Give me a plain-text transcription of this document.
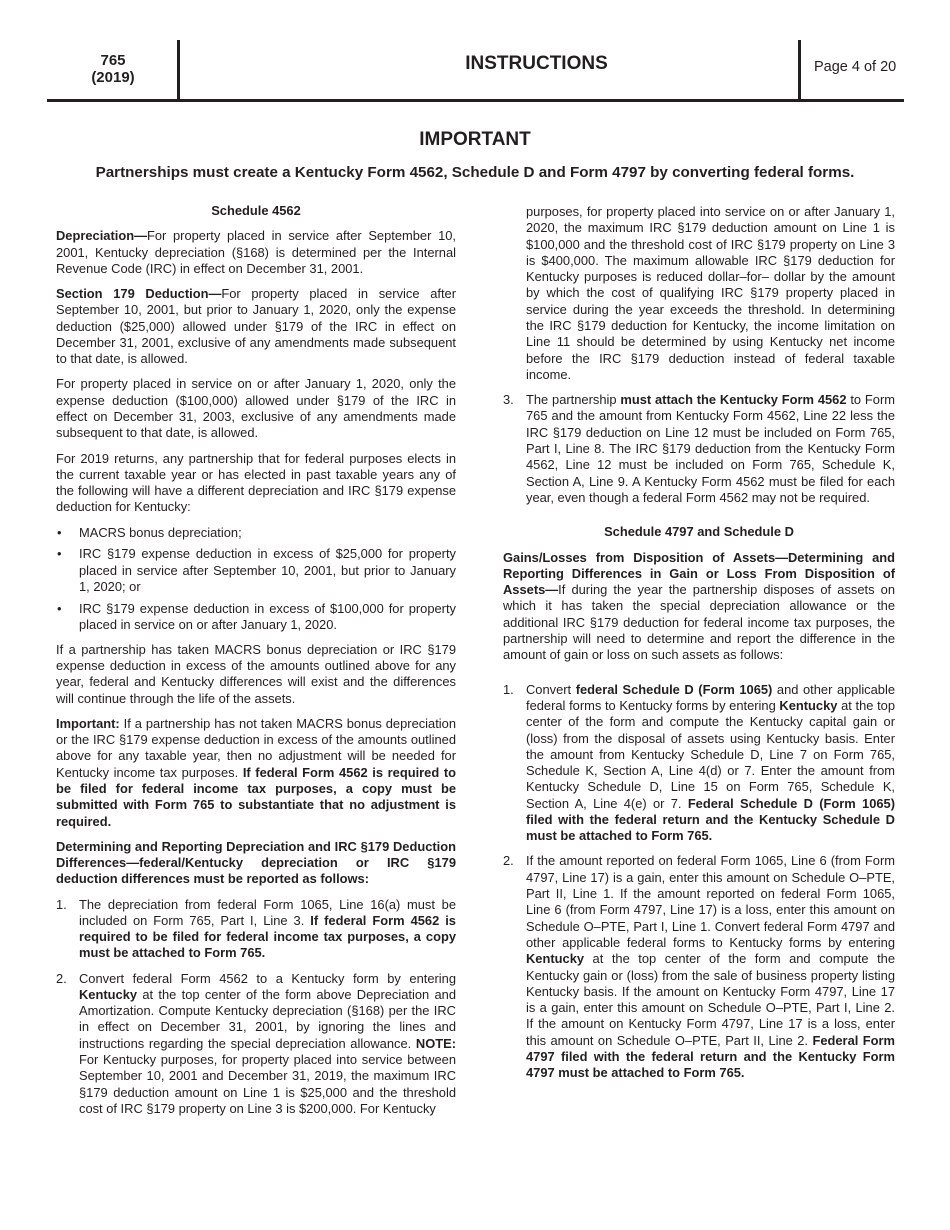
765
(2019)
INSTRUCTIONS	Page 4 of 20
IMPORTANT
Partnerships must create a Kentucky Form 4562, Schedule D and Form 4797 by converting federal forms.

Schedule 4562

Depreciation—For property placed in service after September 10, 2001, Kentucky depreciation (§168) is determined per the Internal Revenue Code (IRC) in effect on December 31, 2001.

Section 179 Deduction—For property placed in service after September 10, 2001, but prior to January 1, 2020, only the expense deduction ($25,000) allowed under §179 of the IRC in effect on December 31, 2001, exclusive of any amendments made subsequent to that date, is allowed.

For property placed in service on or after January 1, 2020, only the expense deduction ($100,000) allowed under §179 of the IRC in effect on December 31, 2003, exclusive of any amendments made subsequent to that date, is allowed.

For 2019 returns, any partnership that for federal purposes elects in the current taxable year or has elected in past taxable years any of the following will have a different depreciation and IRC §179 expense deduction for Kentucky:

• MACRS bonus depreciation;
• IRC §179 expense deduction in excess of $25,000 for property placed in service after September 10, 2001, but prior to January 1, 2020; or
• IRC §179 expense deduction in excess of $100,000 for property placed in service on or after January 1, 2020.

If a partnership has taken MACRS bonus depreciation or IRC §179 expense deduction in excess of the amounts outlined above for any year, federal and Kentucky differences will exist and the differences will continue through the life of the assets.

Important: If a partnership has not taken MACRS bonus depreciation or the IRC §179 expense deduction in excess of the amounts outlined above for any taxable year, then no adjustment will be needed for Kentucky income tax purposes. If federal Form 4562 is required to be filed for federal income tax purposes, a copy must be submitted with Form 765 to substantiate that no adjustment is required.

Determining and Reporting Depreciation and IRC §179 Deduction Differences—federal/Kentucky depreciation or IRC §179 deduction differences must be reported as follows:

1. The depreciation from federal Form 1065, Line 16(a) must be included on Form 765, Part I, Line 3. If federal Form 4562 is required to be filed for federal income tax purposes, a copy must be attached to Form 765.
2. Convert federal Form 4562 to a Kentucky form by entering Kentucky at the top center of the form above Depreciation and Amortization. Compute Kentucky depreciation (§168) per the IRC in effect on December 31, 2001, by ignoring the lines and instructions regarding the special depreciation allowance. NOTE: For Kentucky purposes, for property placed into service between September 10, 2001 and December 31, 2019, the maximum IRC §179 deduction amount on Line 1 is $25,000 and the threshold cost of IRC §179 property on Line 3 is $200,000. For Kentucky

purposes, for property placed into service on or after January 1, 2020, the maximum IRC §179 deduction amount on Line 1 is $100,000 and the threshold cost of IRC §179 property on Line 3 is $400,000. The maximum allowable IRC §179 deduction for Kentucky purposes is reduced dollar–for– dollar by the amount by which the cost of qualifying IRC §179 property placed in service during the year exceeds the threshold. In determining the IRC §179 deduction for Kentucky, the income limitation on Line 11 should be determined by using Kentucky net income before the IRC §179 deduction instead of federal taxable income.

3. The partnership must attach the Kentucky Form 4562 to Form 765 and the amount from Kentucky Form 4562, Line 22 less the IRC §179 deduction on Line 12 must be included on Form 765, Part I, Line 8. The IRC §179 deduction from the Kentucky Form 4562, Line 12 must be included on Form 765, Schedule K, Section A, Line 9. A Kentucky Form 4562 must be filed for each year, even though a federal Form 4562 may not be required.

Schedule 4797 and Schedule D

Gains/Losses from Disposition of Assets—Determining and Reporting Differences in Gain or Loss From Disposition of Assets—If during the year the partnership disposes of assets on which it has taken the special depreciation allowance or the additional IRC §179 deduction for federal income tax purposes, the partnership will need to determine and report the difference in the amount of gain or loss on such assets as follows:

1. Convert federal Schedule D (Form 1065) and other applicable federal forms to Kentucky forms by entering Kentucky at the top center of the form and compute the Kentucky capital gain or (loss) from the disposal of assets using Kentucky basis. Enter the amount from Kentucky Schedule D, Line 7 on Form 765, Schedule K, Section A, Line 4(d) or 7. Enter the amount from Kentucky Schedule D, Line 15 on Form 765, Schedule K, Section A, Line 4(e) or 7. Federal Schedule D (Form 1065) filed with the federal return and the Kentucky Schedule D must be attached to Form 765.
2. If the amount reported on federal Form 1065, Line 6 (from Form 4797, Line 17) is a gain, enter this amount on Schedule O–PTE, Part II, Line 1. If the amount reported on federal Form 1065, Line 6 (from Form 4797, Line 17) is a loss, enter this amount on Schedule O–PTE, Part I, Line 1. Convert federal Form 4797 and other applicable federal forms to Kentucky forms by entering Kentucky at the top center of the form and compute the Kentucky gain or (loss) from the sale of business property listing Kentucky basis. If the amount on Kentucky Form 4797, Line 17 is a gain, enter this amount on Schedule O–PTE, Part I, Line 2. If the amount on Kentucky Form 4797, Line 17 is a loss, enter this amount on Schedule O–PTE, Part II, Line 2. Federal Form 4797 filed with the federal return and the Kentucky Form 4797 must be attached to Form 765.
